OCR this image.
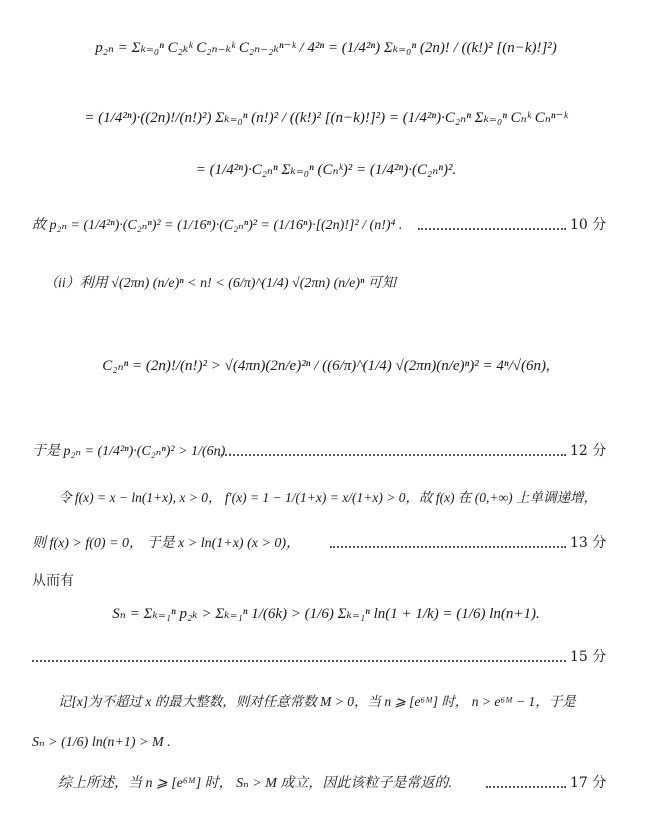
p₂ₙ = Σₖ₌₀ⁿ C₂ₖᵏ C₂ₙ₋ₖᵏ C₂ₙ₋₂ₖⁿ⁻ᵏ / 4²ⁿ = (1/4²ⁿ) Σₖ₌₀ⁿ (2n)! / ((k!)² [(n−k)!]²)
= (1/4²ⁿ)·((2n)!/(n!)²) Σₖ₌₀ⁿ (n!)² / ((k!)² [(n−k)!]²) = (1/4²ⁿ)·C₂ₙⁿ Σₖ₌₀ⁿ Cₙᵏ Cₙⁿ⁻ᵏ
= (1/4²ⁿ)·C₂ₙⁿ Σₖ₌₀ⁿ (Cₙᵏ)² = (1/4²ⁿ)·(C₂ₙⁿ)².
故 p₂ₙ = (1/4²ⁿ)·(C₂ₙⁿ)² = (1/16ⁿ)·(C₂ₙⁿ)² = (1/16ⁿ)·[(2n)!]² / (n!)⁴ .	10 分
（ii）利用 √(2πn) (n/e)ⁿ < n! < (6/π)^(1/4) √(2πn) (n/e)ⁿ 可知
C₂ₙⁿ = (2n)!/(n!)² > √(4πn)(2n/e)²ⁿ / ((6/π)^(1/4) √(2πn)(n/e)ⁿ)² = 4ⁿ/√(6n),
于是 p₂ₙ = (1/4²ⁿ)·(C₂ₙⁿ)² > 1/(6n) .	12 分
令 f(x) = x − ln(1+x), x > 0， f′(x) = 1 − 1/(1+x) = x/(1+x) > 0，故 f(x) 在 (0,+∞) 上单调递增，
则 f(x) > f(0) = 0， 于是 x > ln(1+x) (x > 0)，	13 分
从而有
Sₙ = Σₖ₌₁ⁿ p₂ₖ > Σₖ₌₁ⁿ 1/(6k) > (1/6) Σₖ₌₁ⁿ ln(1 + 1/k) = (1/6) ln(n+1).
15 分
记[x]为不超过 x 的最大整数，则对任意常数 M > 0，当 n ⩾ [e⁶ᴹ] 时， n > e⁶ᴹ − 1，于是
Sₙ > (1/6) ln(n+1) > M .
综上所述，当 n ⩾ [e⁶ᴹ] 时， Sₙ > M 成立，因此该粒子是常返的.	17 分
